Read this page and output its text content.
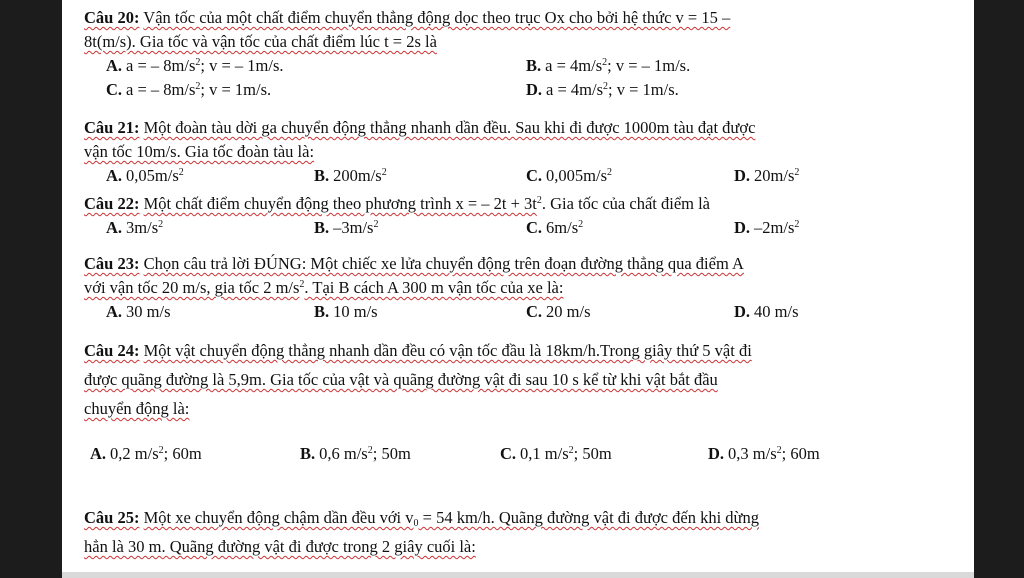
Câu 20: Vận tốc của một chất điểm chuyển thẳng động dọc theo trục Ox cho bởi hệ thức v = 15 –
8t(m/s). Gia tốc và vận tốc của chất điểm lúc t = 2s là

A. a = – $8m/s^2$; v = – 1m/s.	B. $a = 4m/s^2$; v = – 1m/s.
C. a = – $8m/s^2$; v = 1m/s.	D. $a = 4m/s^2$; v = 1m/s.

Câu 21: Một đoàn tàu dời ga chuyển động thẳng nhanh dần đều. Sau khi đi được 1000m tàu đạt được
vận tốc 10m/s. Gia tốc đoàn tàu là:

A. $0,05m/s^2$	B. $200m/s^2$	C. $0,005m/s^2$	D. $20m/s^2$

Câu 22: Một chất điểm chuyển động theo phương trình x = – $2t + 3t^2$. Gia tốc của chất điểm là

A. $3m/s^2$	B. $-3m/s^2$	C. $6m/s^2$	D. $-2m/s^2$

Câu 23: Chọn câu trả lời ĐÚNG: Một chiếc xe lửa chuyển động trên đoạn đường thẳng qua điểm A
với vận tốc 20 m/s, gia tốc 2 $m/s^2$. Tại B cách A 300 m vận tốc của xe là:

A. 30 m/s	B. 10 m/s	C. 20 m/s	D. 40 m/s

Câu 24: Một vật chuyển động thẳng nhanh dần đều có vận tốc đầu là 18km/h.Trong giây thứ 5 vật đi
được quãng đường là 5,9m. Gia tốc của vật và quãng đường vật đi sau 10 s kể từ khi vật bắt đầu
chuyển động là:

A. 0,2 $m/s^2$; 60m	B. 0,6 $m/s^2$; 50m	C. 0,1 $m/s^2$; 50m	D. 0,3 $m/s^2$; 60m

Câu 25: Một xe chuyển động chậm dần đều với $v_0 = 54$ km/h. Quãng đường vật đi được đến khi dừng
hẳn là 30 m. Quãng đường vật đi được trong 2 giây cuối là:
